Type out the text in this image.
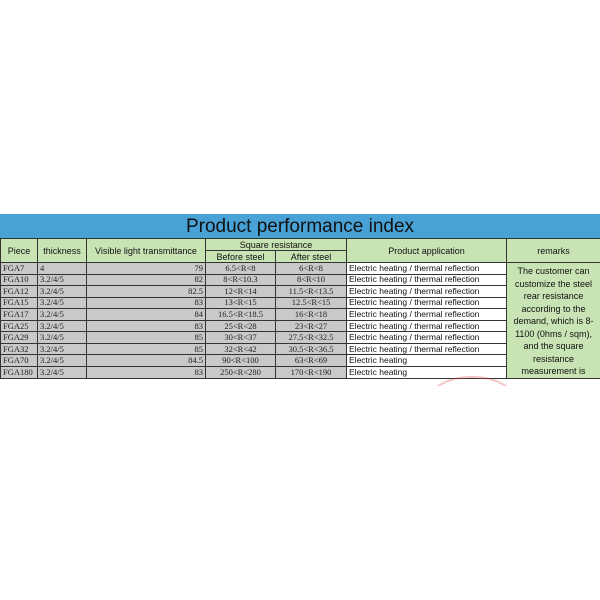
Product performance index
Piece	thickness	Visible light transmittance	Square resistance		Product application	remarks
			Before steel	After steel		
FGA7	4	79	6.5<R<8	6<R<8	Electric heating / thermal reflection	The customer can customize the steel rear resistance according to the demand, which is 8-1100 (0hms / sqm), and the square resistance measurement is
FGA10	3.2/4/5	82	8<R<10.3	8<R<10	Electric heating / thermal reflection	
FGA12	3.2/4/5	82.5	12<R<14	11.5<R<13.5	Electric heating / thermal reflection	
FGA15	3.2/4/5	83	13<R<15	12.5<R<15	Electric heating / thermal reflection	
FGA17	3.2/4/5	84	16.5<R<18.5	16<R<18	Electric heating / thermal reflection	
FGA25	3.2/4/5	83	25<R<28	23<R<27	Electric heating / thermal reflection	
FGA29	3.2/4/5	85	30<R<37	27.5<R<32.5	Electric heating / thermal reflection	
FGA32	3.2/4/5	85	32<R<42	30.5<R<36.5	Electric heating / thermal reflection	
FGA70	3.2/4/5	84.5	90<R<100	63<R<69	Electric heating	
FGA180	3.2/4/5	83	250<R<280	170<R<190	Electric heating	
